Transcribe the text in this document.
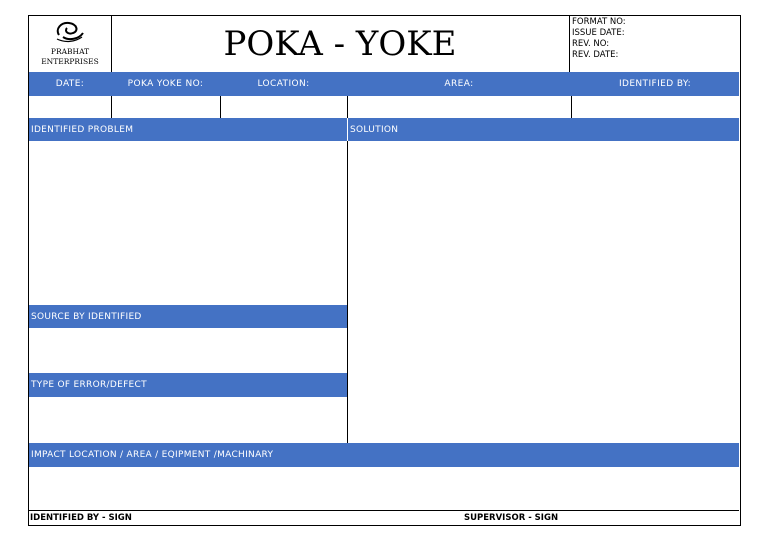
PRABHAT
ENTERPRISES	POKA - YOKE
FORMAT NO:
ISSUE DATE:
REV. NO:
REV. DATE:
DATE:	POKA YOKE NO:	LOCATION:	AREA:	IDENTIFIED BY:
IDENTIFIED PROBLEM	SOLUTION
SOURCE BY IDENTIFIED
TYPE OF ERROR/DEFECT
IMPACT LOCATION / AREA / EQIPMENT /MACHINARY
IDENTIFIED BY - SIGN	SUPERVISOR - SIGN
